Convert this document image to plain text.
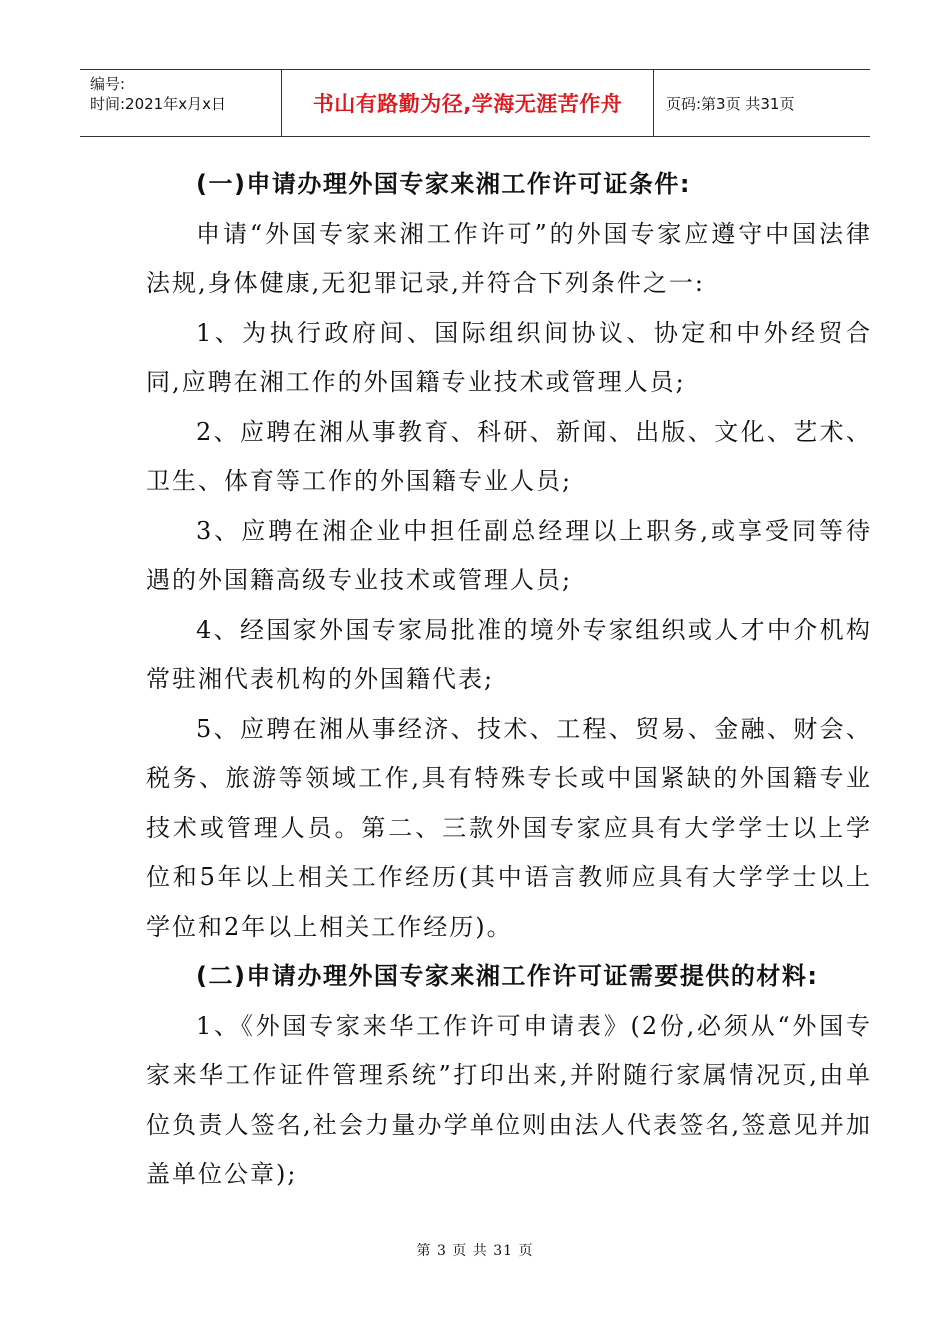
编号:
时间:2021年x月x日	书山有路勤为径,学海无涯苦作舟	页码:第3页 共31页

(一)申请办理外国专家来湘工作许可证条件:

申请“外国专家来湘工作许可”的外国专家应遵守中国法律法规,身体健康,无犯罪记录,并符合下列条件之一:

1、为执行政府间、国际组织间协议、协定和中外经贸合同,应聘在湘工作的外国籍专业技术或管理人员;

2、应聘在湘从事教育、科研、新闻、出版、文化、艺术、卫生、体育等工作的外国籍专业人员;

3、应聘在湘企业中担任副总经理以上职务,或享受同等待遇的外国籍高级专业技术或管理人员;

4、经国家外国专家局批准的境外专家组织或人才中介机构常驻湘代表机构的外国籍代表;

5、应聘在湘从事经济、技术、工程、贸易、金融、财会、税务、旅游等领域工作,具有特殊专长或中国紧缺的外国籍专业技术或管理人员。第二、三款外国专家应具有大学学士以上学位和5年以上相关工作经历(其中语言教师应具有大学学士以上学位和2年以上相关工作经历)。

(二)申请办理外国专家来湘工作许可证需要提供的材料:

1、《外国专家来华工作许可申请表》(2份,必须从“外国专家来华工作证件管理系统”打印出来,并附随行家属情况页,由单位负责人签名,社会力量办学单位则由法人代表签名,签意见并加盖单位公章);

第 3 页 共 31 页
